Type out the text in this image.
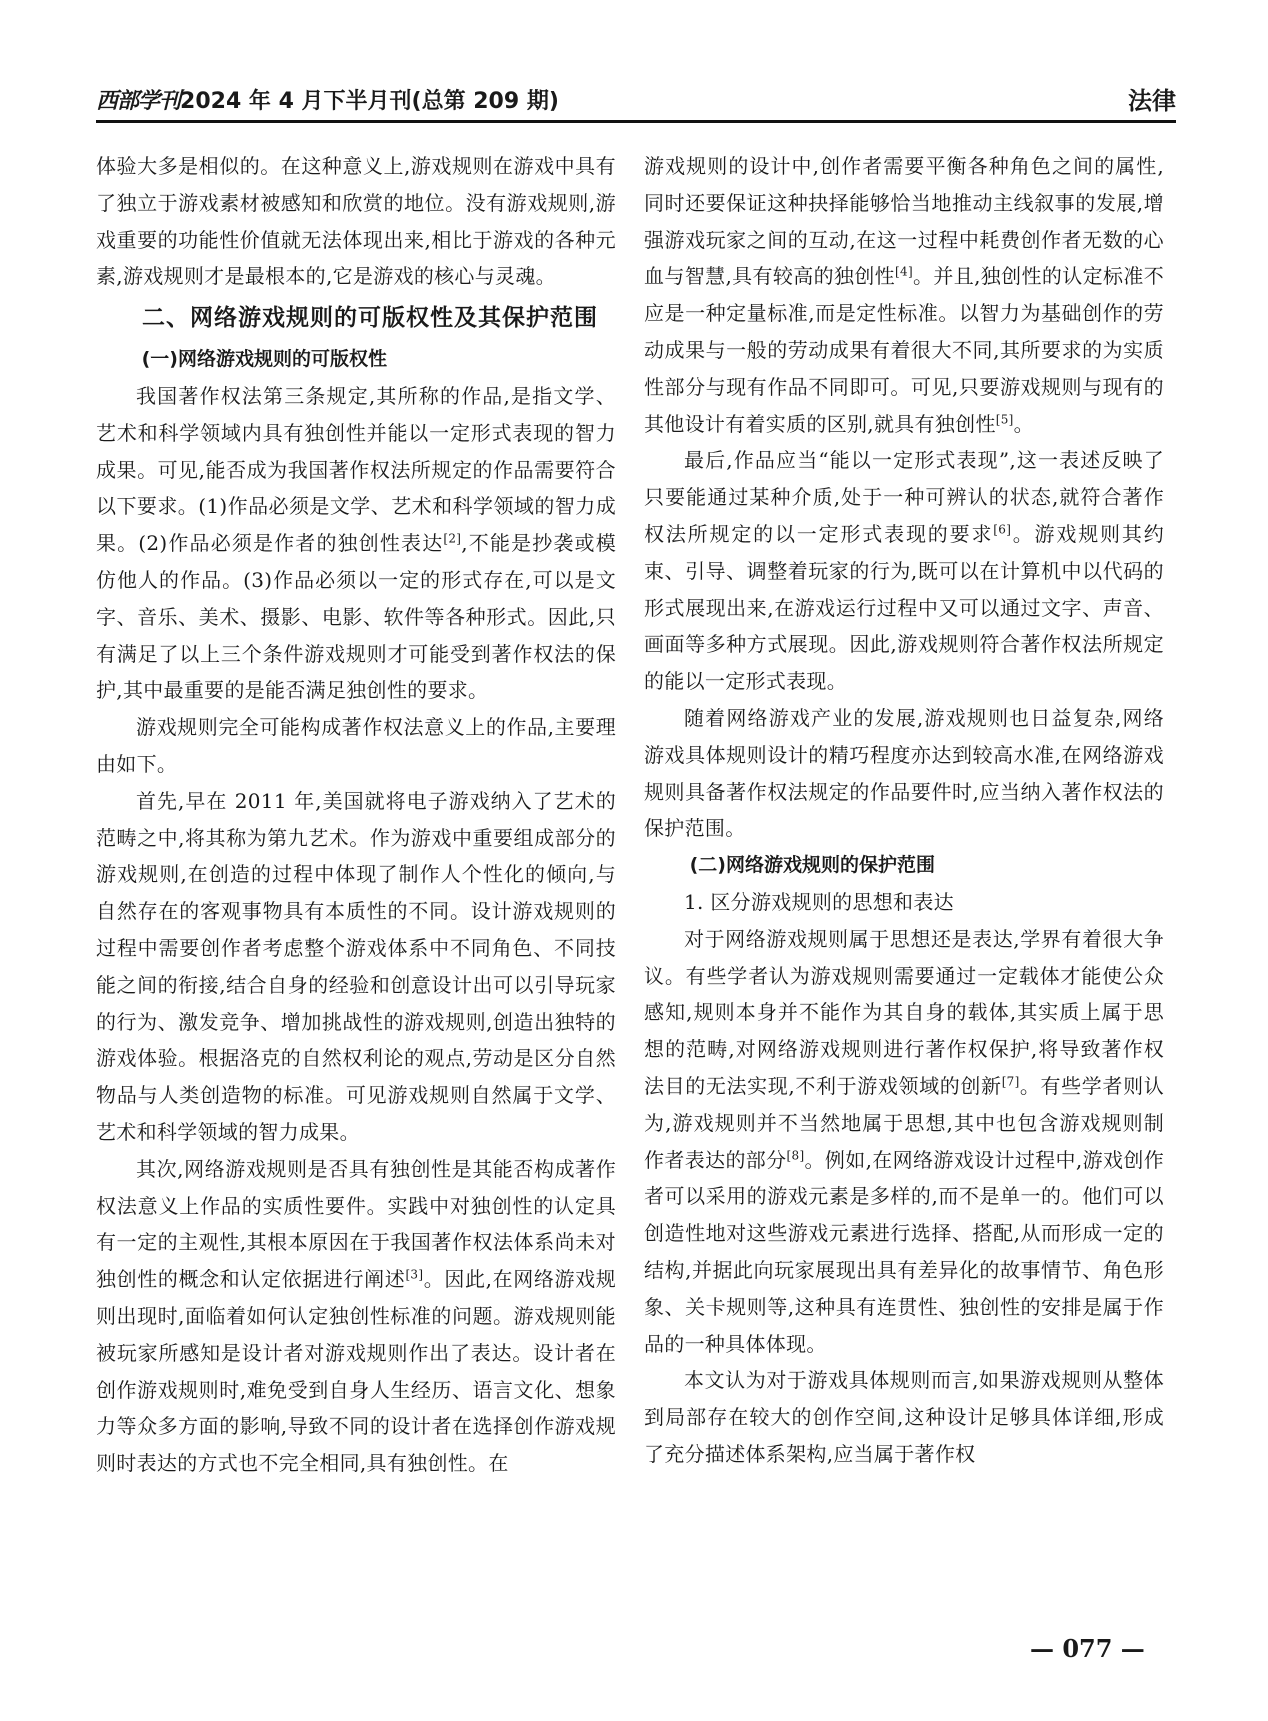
西部学刊2024 年 4 月下半月刊(总第 209 期)	法律

体验大多是相似的。在这种意义上,游戏规则在游戏中具有了独立于游戏素材被感知和欣赏的地位。没有游戏规则,游戏重要的功能性价值就无法体现出来,相比于游戏的各种元素,游戏规则才是最根本的,它是游戏的核心与灵魂。

二、网络游戏规则的可版权性及其保护范围
(一)网络游戏规则的可版权性

我国著作权法第三条规定,其所称的作品,是指文学、艺术和科学领域内具有独创性并能以一定形式表现的智力成果。可见,能否成为我国著作权法所规定的作品需要符合以下要求。(1)作品必须是文学、艺术和科学领域的智力成果。(2)作品必须是作者的独创性表达[2],不能是抄袭或模仿他人的作品。(3)作品必须以一定的形式存在,可以是文字、音乐、美术、摄影、电影、软件等各种形式。因此,只有满足了以上三个条件游戏规则才可能受到著作权法的保护,其中最重要的是能否满足独创性的要求。

游戏规则完全可能构成著作权法意义上的作品,主要理由如下。

首先,早在 2011 年,美国就将电子游戏纳入了艺术的范畴之中,将其称为第九艺术。作为游戏中重要组成部分的游戏规则,在创造的过程中体现了制作人个性化的倾向,与自然存在的客观事物具有本质性的不同。设计游戏规则的过程中需要创作者考虑整个游戏体系中不同角色、不同技能之间的衔接,结合自身的经验和创意设计出可以引导玩家的行为、激发竞争、增加挑战性的游戏规则,创造出独特的游戏体验。根据洛克的自然权利论的观点,劳动是区分自然物品与人类创造物的标准。可见游戏规则自然属于文学、艺术和科学领域的智力成果。

其次,网络游戏规则是否具有独创性是其能否构成著作权法意义上作品的实质性要件。实践中对独创性的认定具有一定的主观性,其根本原因在于我国著作权法体系尚未对独创性的概念和认定依据进行阐述[3]。因此,在网络游戏规则出现时,面临着如何认定独创性标准的问题。游戏规则能被玩家所感知是设计者对游戏规则作出了表达。设计者在创作游戏规则时,难免受到自身人生经历、语言文化、想象力等众多方面的影响,导致不同的设计者在选择创作游戏规则时表达的方式也不完全相同,具有独创性。在

游戏规则的设计中,创作者需要平衡各种角色之间的属性,同时还要保证这种抉择能够恰当地推动主线叙事的发展,增强游戏玩家之间的互动,在这一过程中耗费创作者无数的心血与智慧,具有较高的独创性[4]。并且,独创性的认定标准不应是一种定量标准,而是定性标准。以智力为基础创作的劳动成果与一般的劳动成果有着很大不同,其所要求的为实质性部分与现有作品不同即可。可见,只要游戏规则与现有的其他设计有着实质的区别,就具有独创性[5]。

最后,作品应当“能以一定形式表现”,这一表述反映了只要能通过某种介质,处于一种可辨认的状态,就符合著作权法所规定的以一定形式表现的要求[6]。游戏规则其约束、引导、调整着玩家的行为,既可以在计算机中以代码的形式展现出来,在游戏运行过程中又可以通过文字、声音、画面等多种方式展现。因此,游戏规则符合著作权法所规定的能以一定形式表现。

随着网络游戏产业的发展,游戏规则也日益复杂,网络游戏具体规则设计的精巧程度亦达到较高水准,在网络游戏规则具备著作权法规定的作品要件时,应当纳入著作权法的保护范围。

(二)网络游戏规则的保护范围

1. 区分游戏规则的思想和表达

对于网络游戏规则属于思想还是表达,学界有着很大争议。有些学者认为游戏规则需要通过一定载体才能使公众感知,规则本身并不能作为其自身的载体,其实质上属于思想的范畴,对网络游戏规则进行著作权保护,将导致著作权法目的无法实现,不利于游戏领域的创新[7]。有些学者则认为,游戏规则并不当然地属于思想,其中也包含游戏规则制作者表达的部分[8]。例如,在网络游戏设计过程中,游戏创作者可以采用的游戏元素是多样的,而不是单一的。他们可以创造性地对这些游戏元素进行选择、搭配,从而形成一定的结构,并据此向玩家展现出具有差异化的故事情节、角色形象、关卡规则等,这种具有连贯性、独创性的安排是属于作品的一种具体体现。

本文认为对于游戏具体规则而言,如果游戏规则从整体到局部存在较大的创作空间,这种设计足够具体详细,形成了充分描述体系架构,应当属于著作权

— 077 —
